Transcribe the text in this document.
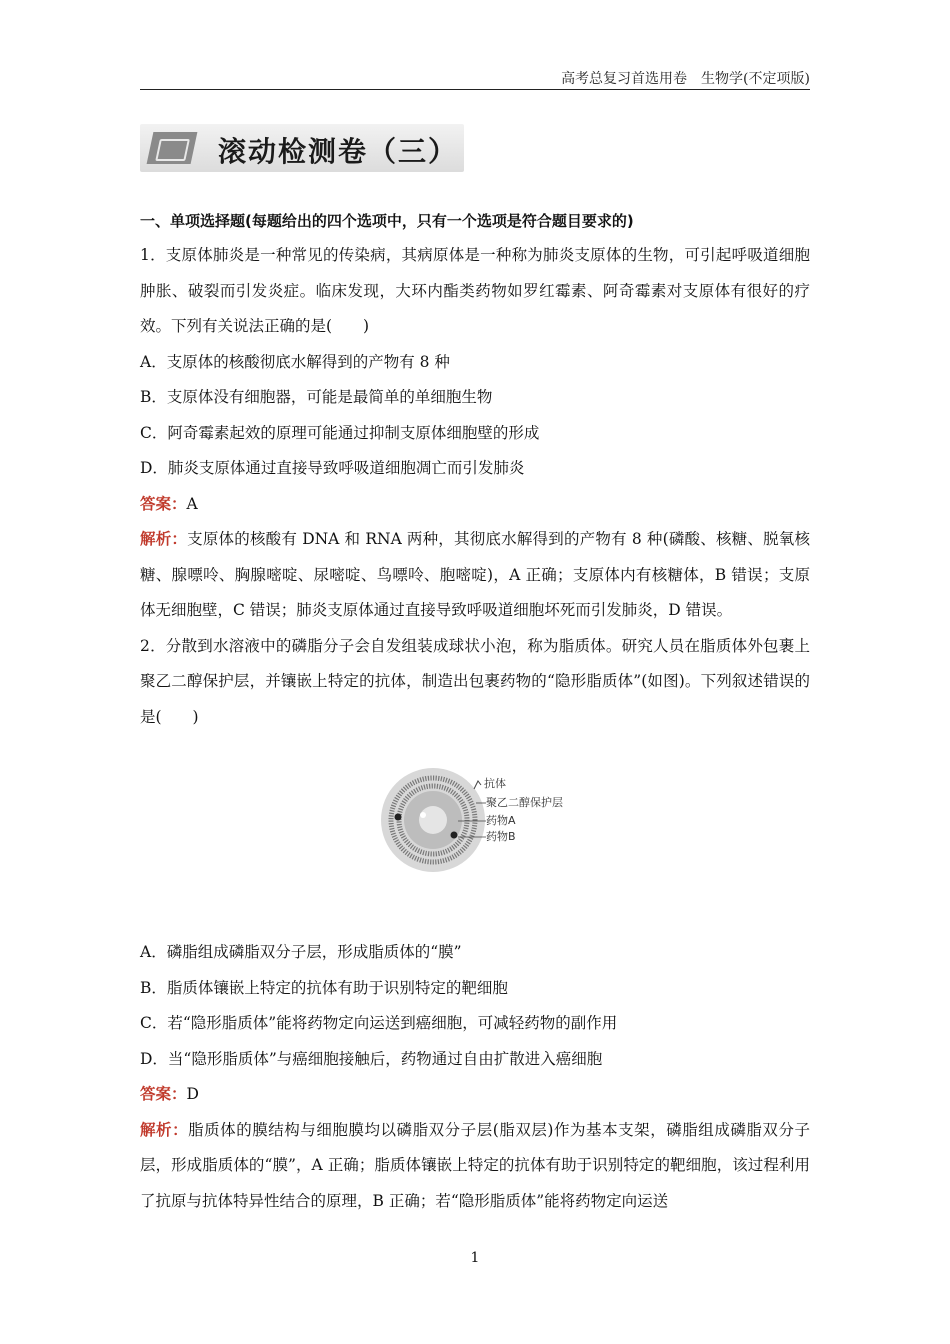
高考总复习首选用卷　生物学(不定项版)
滚动检测卷（三）
一、单项选择题(每题给出的四个选项中，只有一个选项是符合题目要求的)
1．支原体肺炎是一种常见的传染病，其病原体是一种称为肺炎支原体的生物，可引起呼吸道细胞肿胀、破裂而引发炎症。临床发现，大环内酯类药物如罗红霉素、阿奇霉素对支原体有很好的疗效。下列有关说法正确的是(　　)
A．支原体的核酸彻底水解得到的产物有 8 种
B．支原体没有细胞器，可能是最简单的单细胞生物
C．阿奇霉素起效的原理可能通过抑制支原体细胞壁的形成
D．肺炎支原体通过直接导致呼吸道细胞凋亡而引发肺炎
答案：A
解析：支原体的核酸有 DNA 和 RNA 两种，其彻底水解得到的产物有 8 种(磷酸、核糖、脱氧核糖、腺嘌呤、胸腺嘧啶、尿嘧啶、鸟嘌呤、胞嘧啶)，A 正确；支原体内有核糖体，B 错误；支原体无细胞壁，C 错误；肺炎支原体通过直接导致呼吸道细胞坏死而引发肺炎，D 错误。
2．分散到水溶液中的磷脂分子会自发组装成球状小泡，称为脂质体。研究人员在脂质体外包裹上聚乙二醇保护层，并镶嵌上特定的抗体，制造出包裹药物的“隐形脂质体”(如图)。下列叙述错误的是(　　)
抗体
聚乙二醇保护层
药物A
药物B
A．磷脂组成磷脂双分子层，形成脂质体的“膜”
B．脂质体镶嵌上特定的抗体有助于识别特定的靶细胞
C．若“隐形脂质体”能将药物定向运送到癌细胞，可减轻药物的副作用
D．当“隐形脂质体”与癌细胞接触后，药物通过自由扩散进入癌细胞
答案：D
解析：脂质体的膜结构与细胞膜均以磷脂双分子层(脂双层)作为基本支架，磷脂组成磷脂双分子层，形成脂质体的“膜”，A 正确；脂质体镶嵌上特定的抗体有助于识别特定的靶细胞，该过程利用了抗原与抗体特异性结合的原理，B 正确；若“隐形脂质体”能将药物定向运送
1
